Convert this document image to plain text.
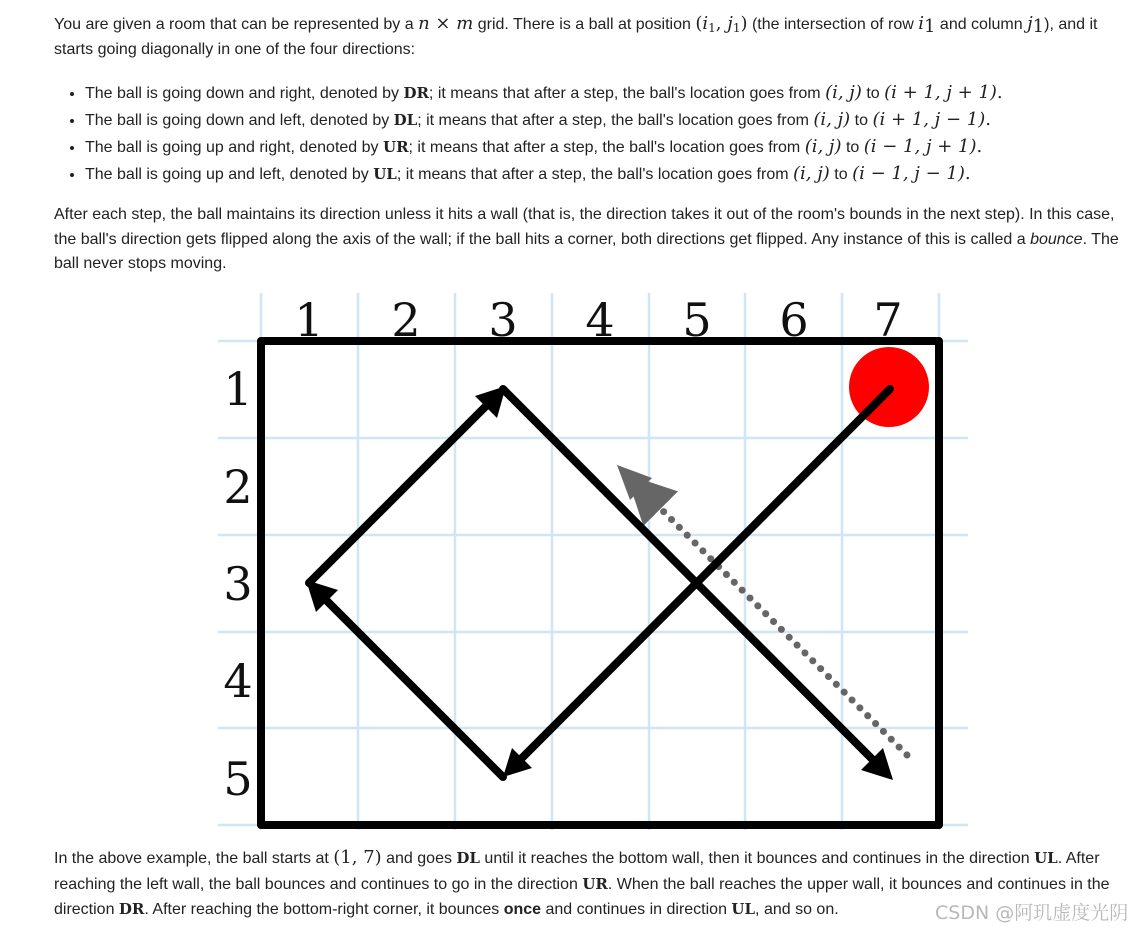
You are given a room that can be represented by a n × m grid. There is a ball at position ($i_1$, $j_1$) (the intersection of row $i_1$ and column $j_1$), and it starts going diagonally in one of the four directions:

• The ball is going down and right, denoted by DR; it means that after a step, the ball's location goes from (i, j) to (i + 1, j + 1).
• The ball is going down and left, denoted by DL; it means that after a step, the ball's location goes from (i, j) to (i + 1, j − 1).
• The ball is going up and right, denoted by UR; it means that after a step, the ball's location goes from (i, j) to (i − 1, j + 1).
• The ball is going up and left, denoted by UL; it means that after a step, the ball's location goes from (i, j) to (i − 1, j − 1).

After each step, the ball maintains its direction unless it hits a wall (that is, the direction takes it out of the room's bounds in the next step). In this case, the ball's direction gets flipped along the axis of the wall; if the ball hits a corner, both directions get flipped. Any instance of this is called a bounce. The ball never stops moving.

1 2 3 4 5 6 7
1
2
3
4
5

In the above example, the ball starts at (1, 7) and goes DL until it reaches the bottom wall, then it bounces and continues in the direction UL. After reaching the left wall, the ball bounces and continues to go in the direction UR. When the ball reaches the upper wall, it bounces and continues in the direction DR. After reaching the bottom-right corner, it bounces once and continues in direction UL, and so on.	CSDN @阿玑虚度光阴
